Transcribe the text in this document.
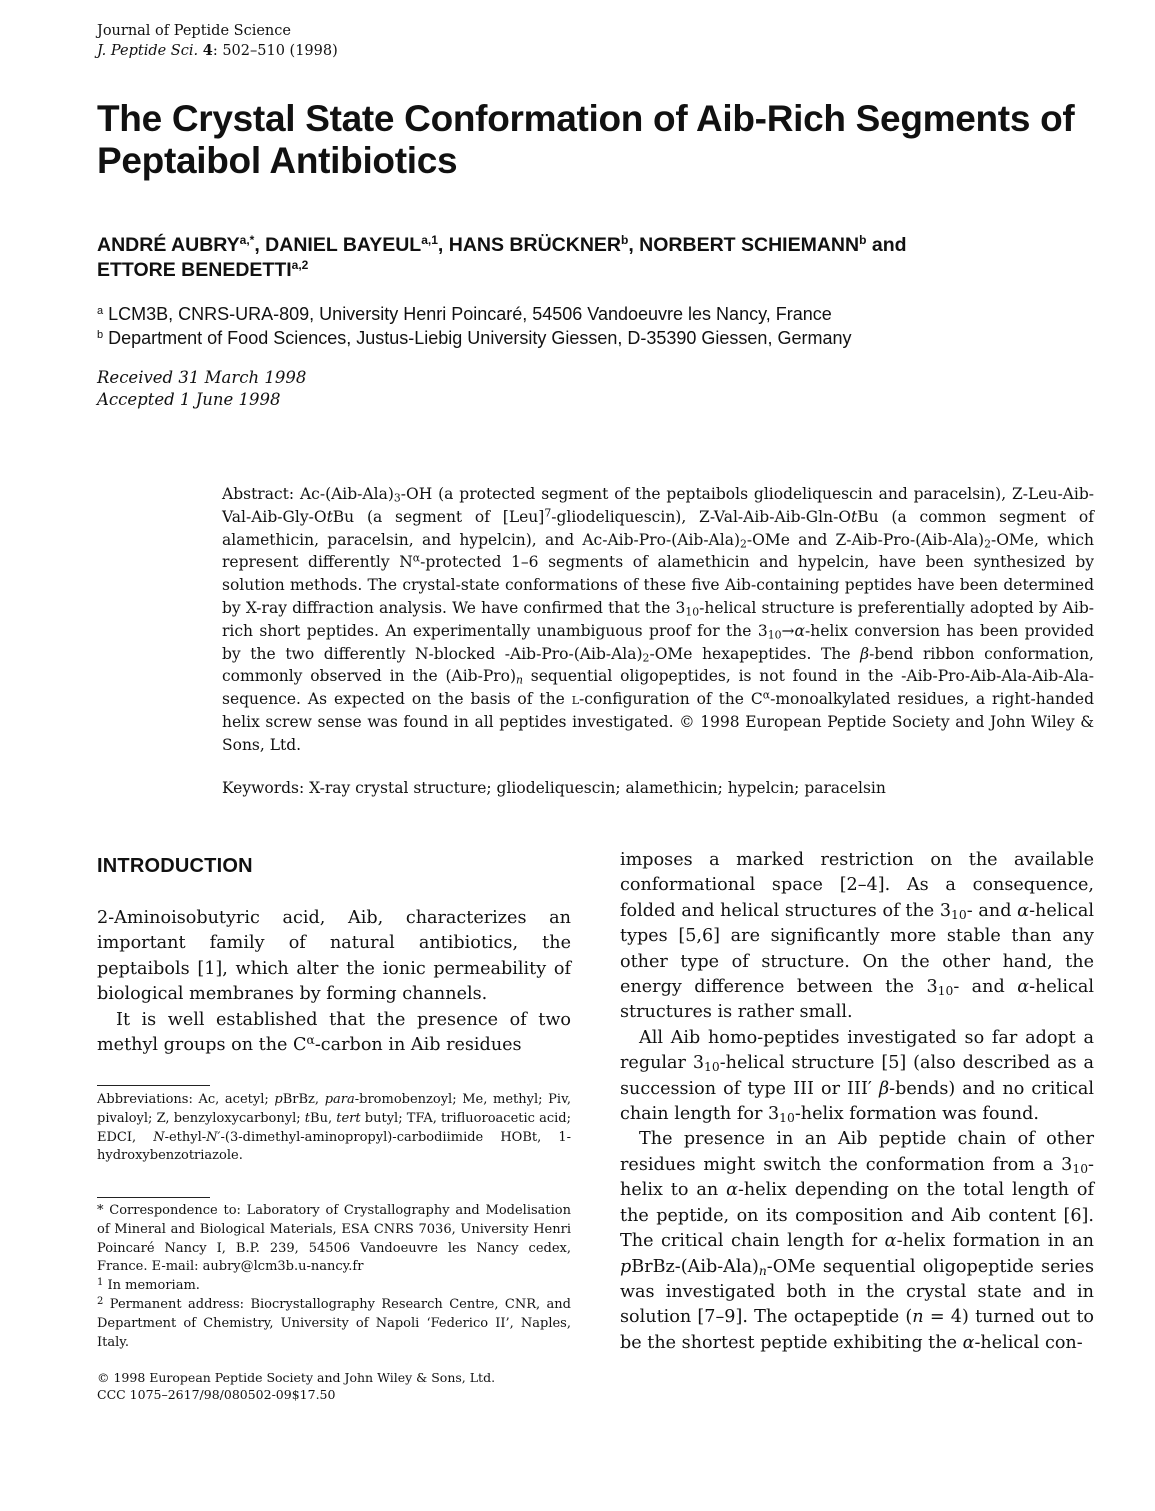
Journal of Peptide Science
J. Peptide Sci. 4: 502–510 (1998)
The Crystal State Conformation of Aib-Rich Segments of
Peptaibol Antibiotics
ANDRÉ $AUBRY^{a,*}$, DANIEL BAYEUL$^{a,1}$, HANS BRÜCKNER$^b$, NORBERT SCHIEMANN$^b$ and
ETTORE BENEDETTI$^{a,2}$
$^a$ LCM3B, CNRS-URA-809, University Henri Poincaré, 54506 Vandoeuvre les Nancy, France
$^b$ Department of Food Sciences, Justus-Liebig University Giessen, D-35390 Giessen, Germany
Received 31 March 1998
Accepted 1 June 1998
Abstract: $Ac-(Aib-Ala)_3-OH$ (a protected segment of the peptaibols gliodeliquescin and paracelsin), Z-Leu-Aib-Val-Aib-Gly-OtBu (a segment of [Leu]$^7$-gliodeliquescin), Z-Val-Aib-Aib-Gln-OtBu (a common segment of alamethicin, paracelsin, and hypelcin), and $Ac-Aib-Pro-(Aib-Ala)_2$-OMe and $Z-Aib-Pro-(Aib-Ala)_2$-OMe, which represent differently $N^\alpha$-protected 1–6 segments of alamethicin and hypelcin, have been synthesized by solution methods. The crystal-state conformations of these five Aib-containing peptides have been determined by X-ray diffraction analysis. We have confirmed that the $3_{10}$-helical structure is preferentially adopted by Aib-rich short peptides. An experimentally unambiguous proof for the $3_{10}\to\alpha$-helix conversion has been provided by the two differently N-blocked $-Aib-Pro-(Aib-Ala)_2$-OMe hexapeptides. The β-bend ribbon conformation, commonly observed in the $(Aib-Pro)_n$ sequential oligopeptides, is not found in the -Aib-Pro-Aib-Ala-Aib-Ala- sequence. As expected on the basis of the l-configuration of the $C^\alpha$-monoalkylated residues, a right-handed helix screw sense was found in all peptides investigated. © 1998 European Peptide Society and John Wiley & Sons, Ltd.
Keywords: X-ray crystal structure; gliodeliquescin; alamethicin; hypelcin; paracelsin
INTRODUCTION

2-Aminoisobutyric acid, Aib, characterizes an important family of natural antibiotics, the peptaibols [1], which alter the ionic permeability of biological membranes by forming channels.

It is well established that the presence of two methyl groups on the $C^\alpha$-carbon in Aib residues

Abbreviations: Ac, acetyl; pBrBz, para-bromobenzoyl; Me, methyl; Piv, pivaloyl; Z, benzyloxycarbonyl; tBu, tert butyl; TFA, trifluoroacetic acid; EDCI, N-ethyl-N′-(3-dimethyl-aminopropyl)-carbodiimide HOBt, 1-hydroxybenzotriazole.

* Correspondence to: Laboratory of Crystallography and Modelisation of Mineral and Biological Materials, ESA CNRS 7036, University Henri Poincaré Nancy I, B.P. 239, 54506 Vandoeuvre les Nancy cedex, France. E-mail: aubry@lcm3b.u-nancy.fr

$^1$ In memoriam.

$^2$ Permanent address: Biocrystallography Research Centre, CNR, and Department of Chemistry, University of Napoli ‘Federico II’, Naples, Italy.

© 1998 European Peptide Society and John Wiley & Sons, Ltd.
CCC 1075–2617/98/080502-09$17.50

imposes a marked restriction on the available conformational space [2–4]. As a consequence, folded and helical structures of the $3_{10}-$ and α-helical types [5,6] are significantly more stable than any other type of structure. On the other hand, the energy difference between the $3_{10}-$ and α-helical structures is rather small.

All Aib homo-peptides investigated so far adopt a regular $3_{10}$-helical structure [5] (also described as a succession of type III or III′ β-bends) and no critical chain length for $3_{10}$-helix formation was found.

The presence in an Aib peptide chain of other residues might switch the conformation from a $3_{10}$-helix to an α-helix depending on the total length of the peptide, on its composition and Aib content [6]. The critical chain length for α-helix formation in an pBrBz-$(Aib-Ala)_n$-OMe sequential oligopeptide series was investigated both in the crystal state and in solution [7–9]. The octapeptide (n = 4) turned out to be the shortest peptide exhibiting the α-helical con-
